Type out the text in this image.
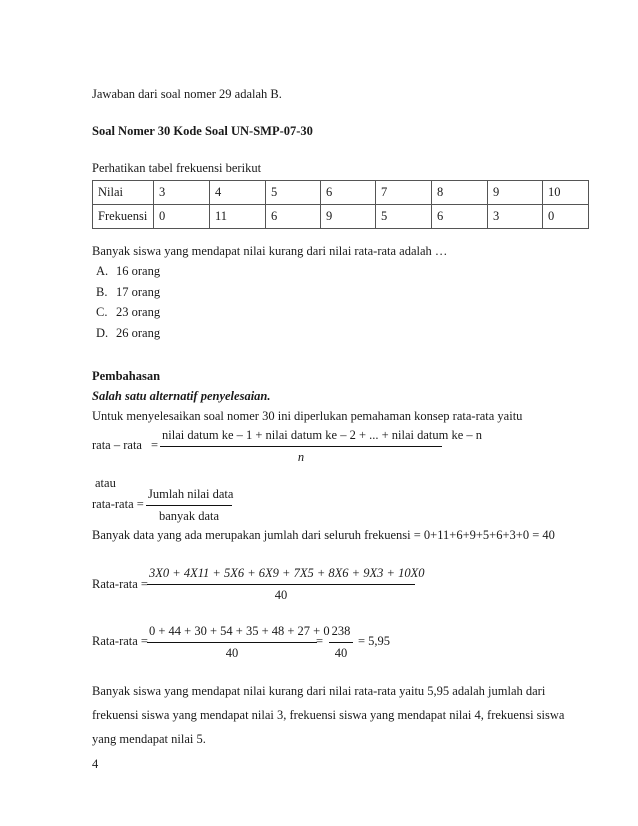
Jawaban dari soal nomer 29 adalah B.
Soal Nomer 30 Kode Soal UN-SMP-07-30
Perhatikan tabel frekuensi berikut
Nilai	3	4	5	6	7	8	9	10
Frekuensi	0	11	6	9	5	6	3	0
Banyak siswa yang mendapat nilai kurang dari nilai rata-rata adalah …
A. 16 orang
B. 17 orang
C. 23 orang
D. 26 orang
Pembahasan
Salah satu alternatif penyelesaian.
Untuk menyelesaikan soal nomer 30 ini diperlukan pemahaman konsep rata-rata yaitu
rata – rata =
nilai datum ke – 1 + nilai datum ke – 2 + ... + nilai datum ke – n
n
atau
rata-rata =
Jumlah nilai data
banyak data
Banyak data yang ada merupakan jumlah dari seluruh frekuensi = 0+11+6+9+5+6+3+0 = 40
Rata-rata = $\frac{3X0 + 4X11 + 5X6 + 6X9 + 7X5 + 8X6 + 9X3 + 10X0}{40}$
Rata-rata = $\frac{0 + 44 + 30 + 54 + 35 + 48 + 27 + 0}{40} = \frac{238}{40} = 5,95$
Banyak siswa yang mendapat nilai kurang dari nilai rata-rata yaitu 5,95 adalah jumlah dari
frekuensi siswa yang mendapat nilai 3, frekuensi siswa yang mendapat nilai 4, frekuensi siswa
yang mendapat nilai 5.
4
